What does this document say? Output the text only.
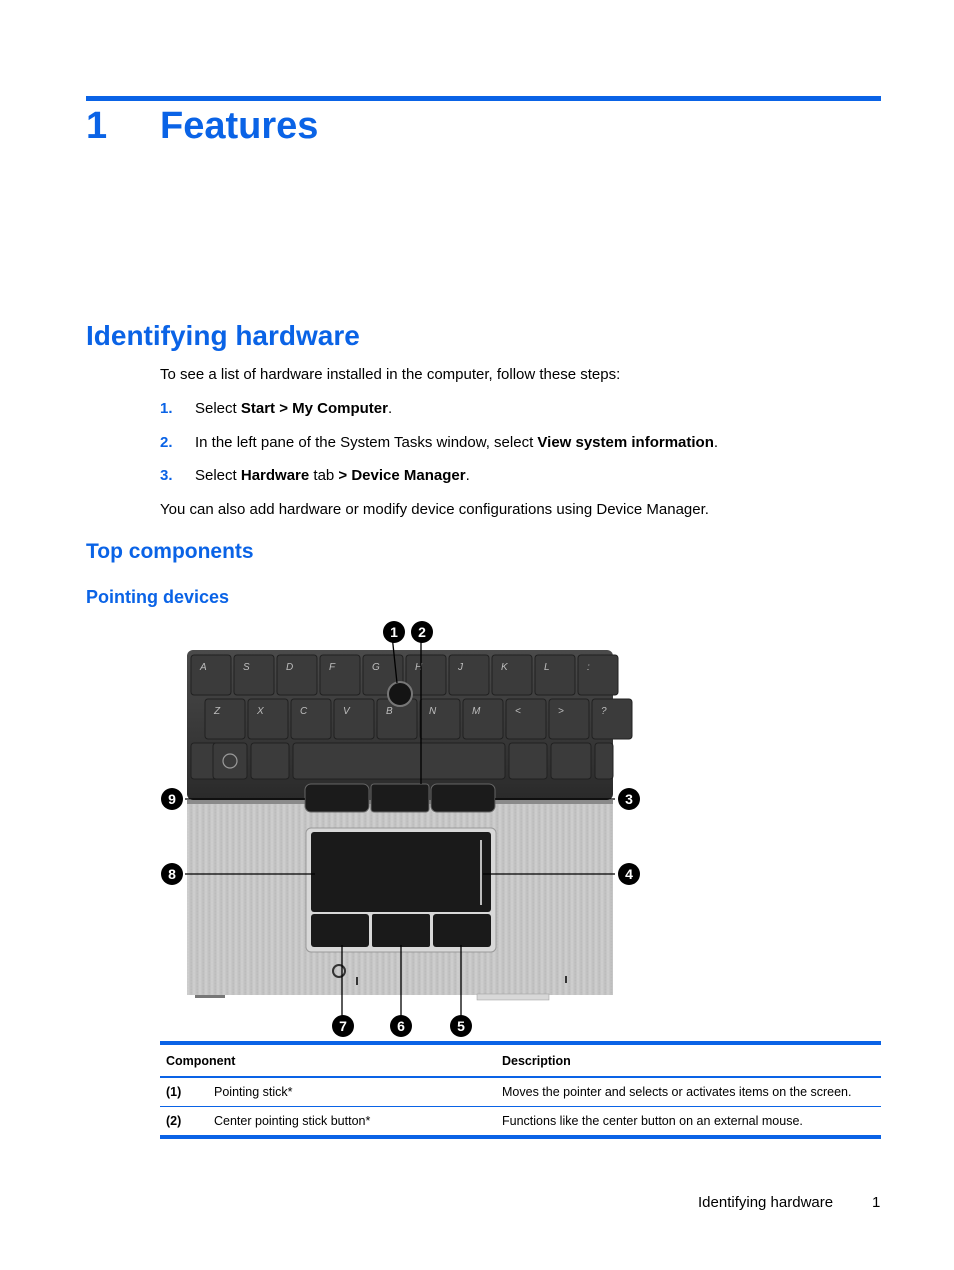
1 Features
Identifying hardware
To see a list of hardware installed in the computer, follow these steps:
1. Select Start > My Computer.
2. In the left pane of the System Tasks window, select View system information.
3. Select Hardware tab > Device Manager.
You can also add hardware or modify device configurations using Device Manager.
Top components
Pointing devices
A	S	D	F	G	H	J	K	L	:
Z	X	C	V	B	N	M	<	>	?
1 2
3
4
5
6
7
8
9
Component		Description
(1)	Pointing stick*	Moves the pointer and selects or activates items on the screen.
(2)	Center pointing stick button*	Functions like the center button on an external mouse.
Identifying hardware	1
